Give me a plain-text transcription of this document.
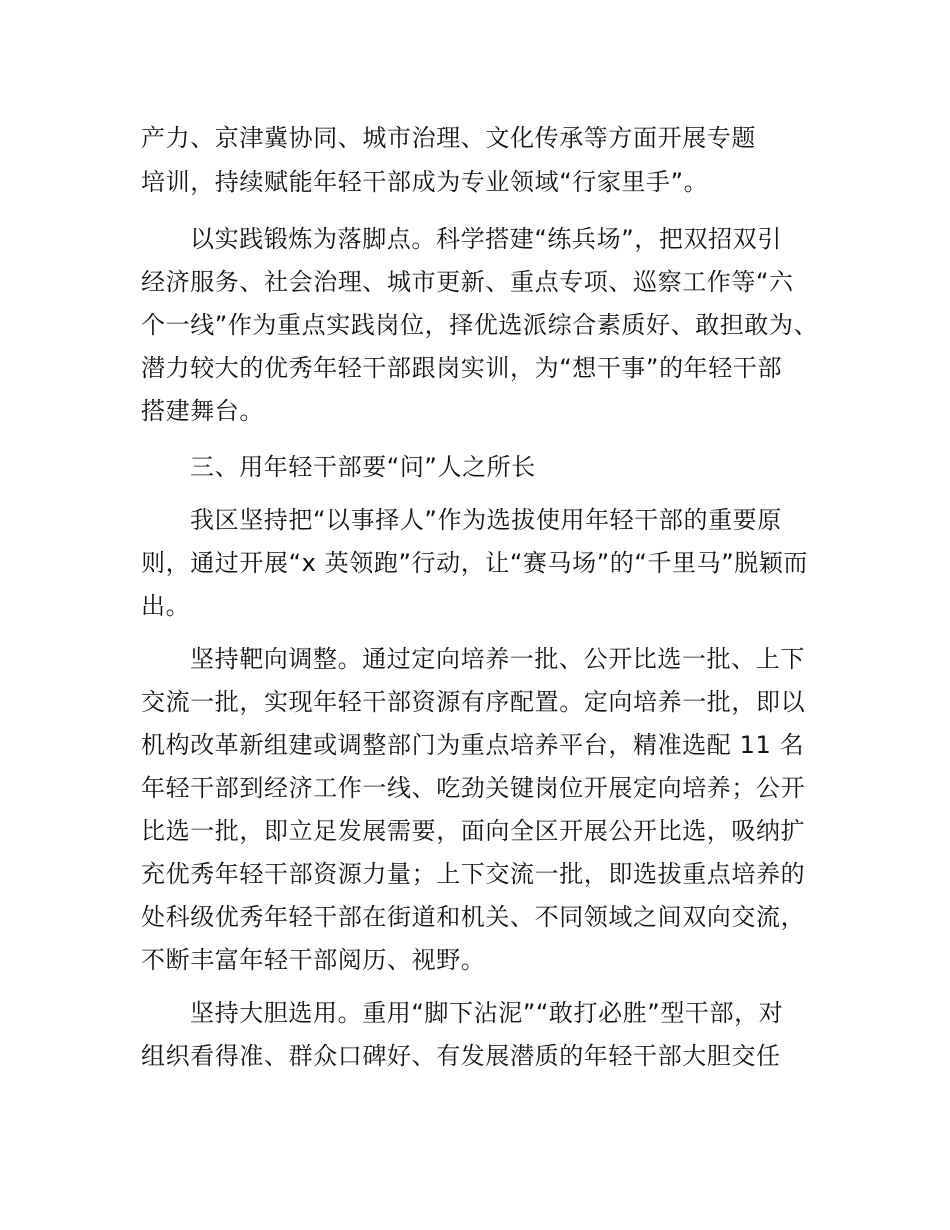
产力、京津冀协同、城市治理、文化传承等方面开展专题
培训，持续赋能年轻干部成为专业领域“行家里手”。
以实践锻炼为落脚点。科学搭建“练兵场”，把双招双引
经济服务、社会治理、城市更新、重点专项、巡察工作等“六
个一线”作为重点实践岗位，择优选派综合素质好、敢担敢为、
潜力较大的优秀年轻干部跟岗实训，为“想干事”的年轻干部
搭建舞台。
三、用年轻干部要“问”人之所长
我区坚持把“以事择人”作为选拔使用年轻干部的重要原
则，通过开展“x 英领跑”行动，让“赛马场”的“千里马”脱颖而
出。
坚持靶向调整。通过定向培养一批、公开比选一批、上下
交流一批，实现年轻干部资源有序配置。定向培养一批，即以
机构改革新组建或调整部门为重点培养平台，精准选配 11 名
年轻干部到经济工作一线、吃劲关键岗位开展定向培养；公开
比选一批，即立足发展需要，面向全区开展公开比选，吸纳扩
充优秀年轻干部资源力量；上下交流一批，即选拔重点培养的
处科级优秀年轻干部在街道和机关、不同领域之间双向交流，
不断丰富年轻干部阅历、视野。
坚持大胆选用。重用“脚下沾泥”“敢打必胜”型干部，对
组织看得准、群众口碑好、有发展潜质的年轻干部大胆交任
